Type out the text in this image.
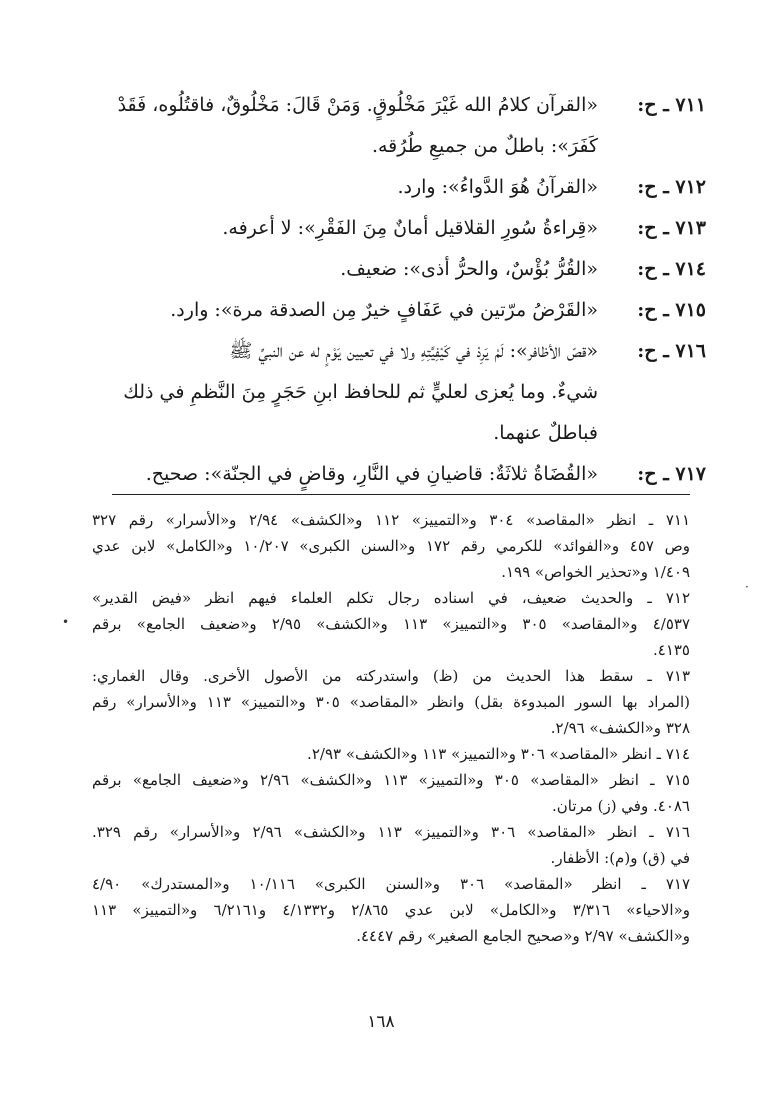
٧١١ ـ ح:
«القرآن كلامُ الله غَيْرَ مَخْلُوقٍ. وَمَنْ قَالَ: مَخْلُوقٌ، فاقتُلُوه، فَقَدْ
كَفَرَ»: باطلٌ من جميعِ طُرُقه.
٧١٢ ـ ح:
«القرآنُ هُوَ الدَّواءُ»: وارد.
٧١٣ ـ ح:
«قِراءةُ سُورِ القلاقيل أمانٌ مِنَ الفَقْرِ»: لا أعرفه.
٧١٤ ـ ح:
«القُرُّ بُؤْسٌ، والحرُّ أذى»: ضعيف.
٧١٥ ـ ح:
«القَرْضُ مرّتين في عَفَافٍ خيرٌ مِن الصدقة مرة»: وارد.
٧١٦ ـ ح:
«قصّ الأظافر»: لَمْ يَرِدْ في كَيْفِيَّتِهِ ولا في تعيين يَوْمٍ له عن النبيِّ ﷺ
شيءٌ. وما يُعزى لعليٍّ ثم للحافظ ابنِ حَجَرٍ مِنَ النَّظمِ في ذلك
فباطلٌ عنهما.
٧١٧ ـ ح:
«القُضَاةُ ثلاثَةٌ: قاضيانِ في النَّارِ، وقاضٍ في الجنّة»: صحيح.
٧١١ ـ انظر «المقاصد» ٣٠٤ و«التمييز» ١١٢ و«الكشف» ٢/٩٤ و«الأسرار» رقم ٣٢٧
وص ٤٥٧ و«الفوائد» للكرمي رقم ١٧٢ و«السنن الكبرى» ١٠/٢٠٧ و«الكامل» لابن عدي
١/٤٠٩ و«تحذير الخواص» ١٩٩.
٧١٢ ـ والحديث ضعيف، في اسناده رجال تكلم العلماء فيهم انظر «فيض القدير»
٤/٥٣٧ و«المقاصد» ٣٠٥ و«التمييز» ١١٣ و«الكشف» ٢/٩٥ و«ضعيف الجامع» برقم
٤١٣٥.
٧١٣ ـ سقط هذا الحديث من (ظ) واستدركته من الأصول الأخرى. وقال الغماري:
(المراد بها السور المبدوءة بقل) وانظر «المقاصد» ٣٠٥ و«التمييز» ١١٣ و«الأسرار» رقم
٣٢٨ و«الكشف» ٢/٩٦.
٧١٤ ـ انظر «المقاصد» ٣٠٦ و«التمييز» ١١٣ و«الكشف» ٢/٩٣.
٧١٥ ـ انظر «المقاصد» ٣٠٥ و«التمييز» ١١٣ و«الكشف» ٢/٩٦ و«ضعيف الجامع» برقم
٤٠٨٦. وفي (ز) مرتان.
٧١٦ ـ انظر «المقاصد» ٣٠٦ و«التمييز» ١١٣ و«الكشف» ٢/٩٦ و«الأسرار» رقم ٣٢٩.
في (ق) و(م): الأظفار.
٧١٧ ـ انظر «المقاصد» ٣٠٦ و«السنن الكبرى» ١٠/١١٦ و«المستدرك» ٤/٩٠
و«الاحياء» ٣/٣١٦ و«الكامل» لابن عدي ٢/٨٦٥ و٤/١٣٣٢ و٦/٢١٦١ و«التمييز» ١١٣
و«الكشف» ٢/٩٧ و«صحيح الجامع الصغير» رقم ٤٤٤٧.
•
·
١٦٨
